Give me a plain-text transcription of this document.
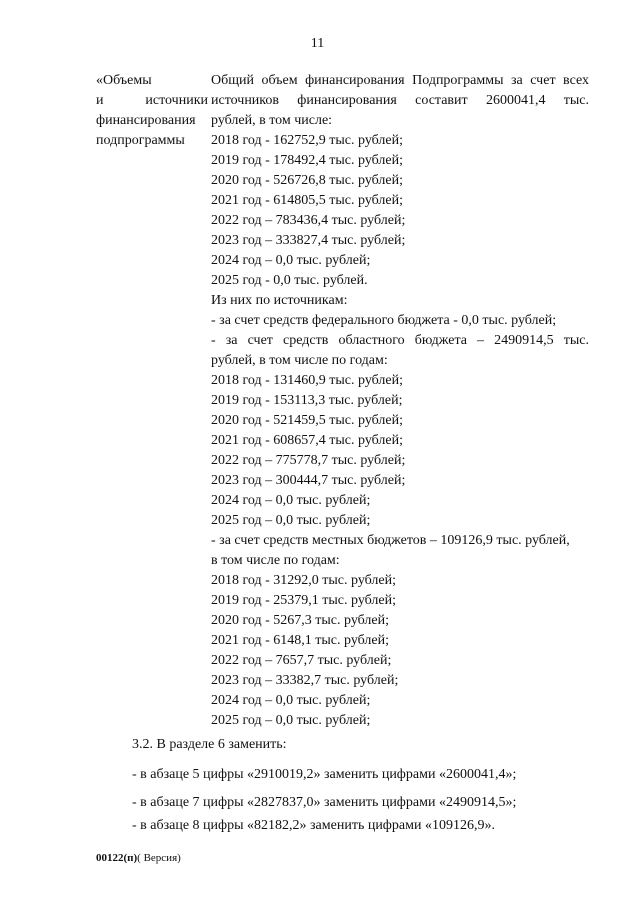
11
«Объемы
и	источники
финансирования
подпрограммы
Общий объем финансирования Подпрограммы за счет всех
источников финансирования составит 2600041,4 тыс.
рублей, в том числе:
2018 год - 162752,9 тыс. рублей;
2019 год - 178492,4 тыс. рублей;
2020 год - 526726,8 тыс. рублей;
2021 год - 614805,5 тыс. рублей;
2022 год – 783436,4 тыс. рублей;
2023 год – 333827,4 тыс. рублей;
2024 год – 0,0 тыс. рублей;
2025 год - 0,0 тыс. рублей.
Из них по источникам:
- за счет средств федерального бюджета - 0,0 тыс. рублей;
- за счет средств областного бюджета – 2490914,5 тыс.
рублей, в том числе по годам:
2018 год - 131460,9 тыс. рублей;
2019 год - 153113,3 тыс. рублей;
2020 год - 521459,5 тыс. рублей;
2021 год - 608657,4 тыс. рублей;
2022 год – 775778,7 тыс. рублей;
2023 год – 300444,7 тыс. рублей;
2024 год – 0,0 тыс. рублей;
2025 год – 0,0 тыс. рублей;
- за счет средств местных бюджетов – 109126,9 тыс. рублей,
в том числе по годам:
2018 год - 31292,0 тыс. рублей;
2019 год - 25379,1 тыс. рублей;
2020 год - 5267,3 тыс. рублей;
2021 год - 6148,1 тыс. рублей;
2022 год – 7657,7 тыс. рублей;
2023 год – 33382,7 тыс. рублей;
2024 год – 0,0 тыс. рублей;
2025 год – 0,0 тыс. рублей;
3.2. В разделе 6 заменить:
- в абзаце 5 цифры «2910019,2» заменить цифрами «2600041,4»;
- в абзаце 7 цифры «2827837,0» заменить цифрами «2490914,5»;
- в абзаце 8 цифры «82182,2» заменить цифрами «109126,9».
00122(п)( Версия)
